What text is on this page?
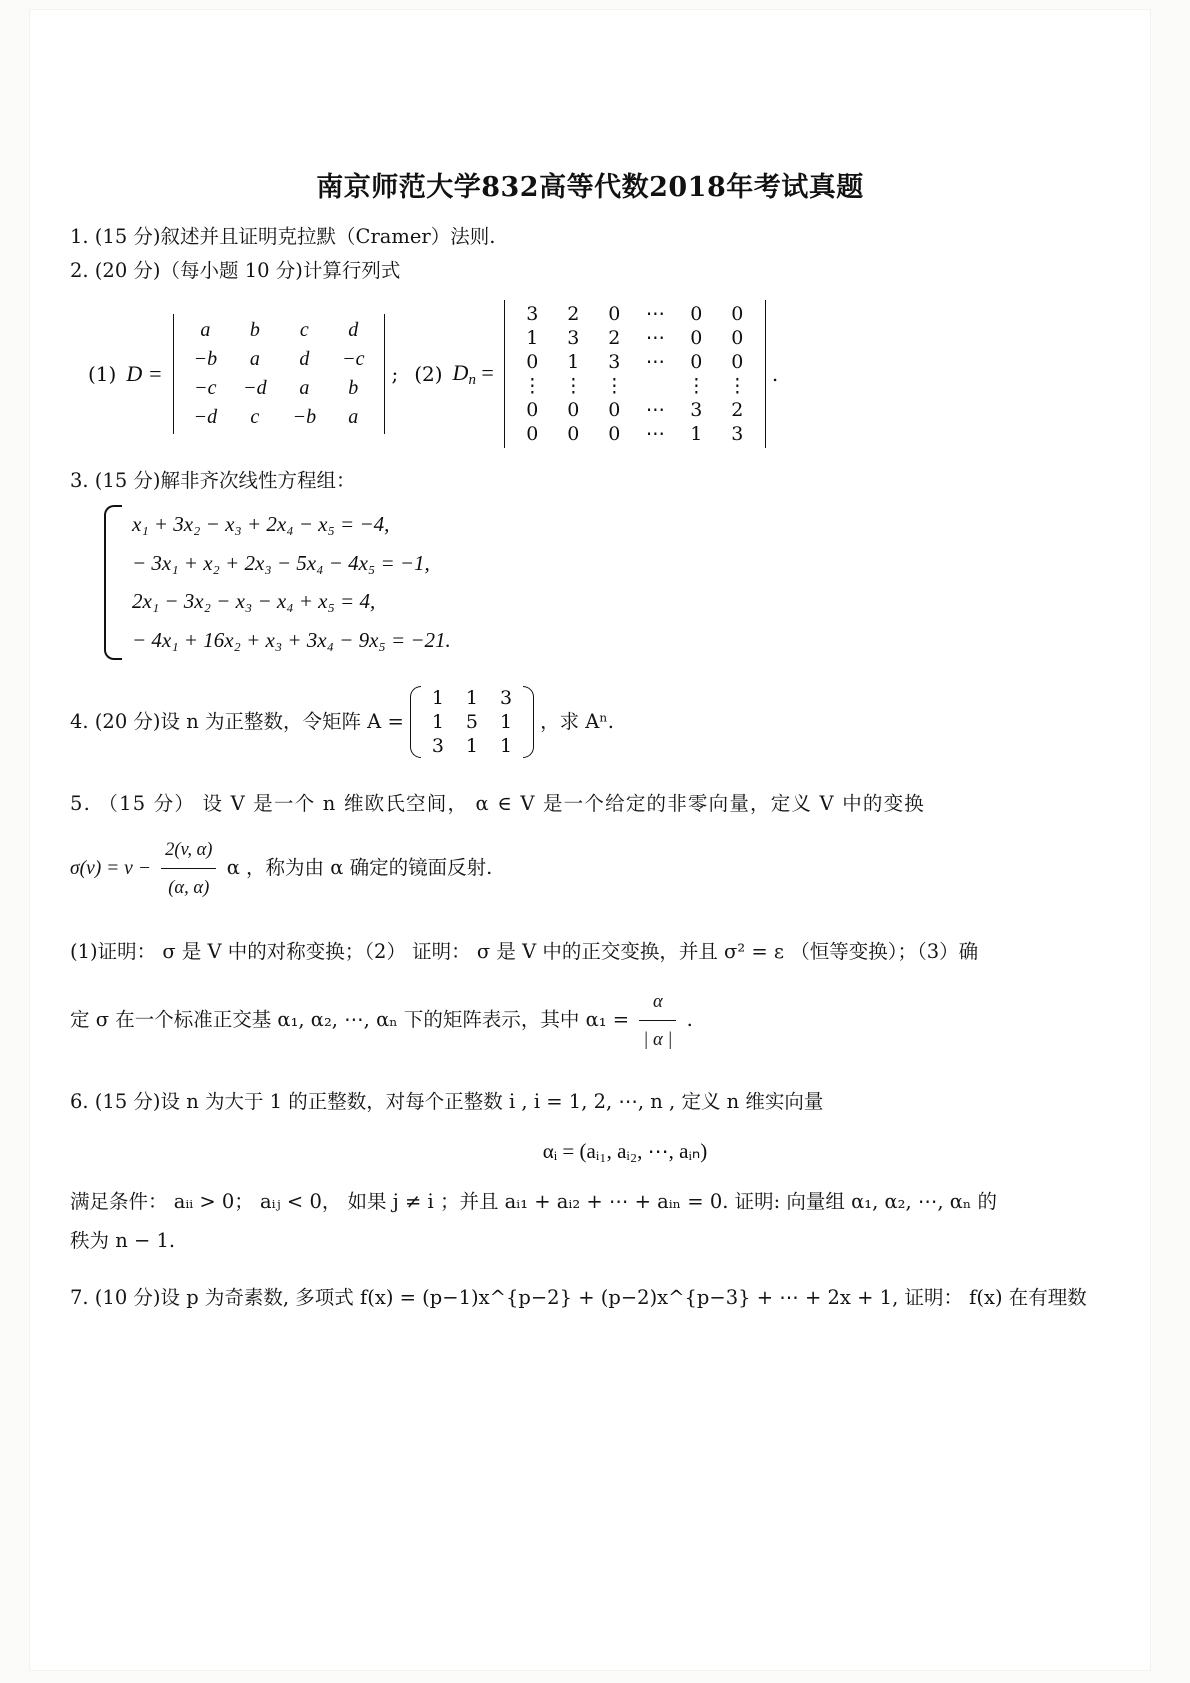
南京师范大学832高等代数2018年考试真题
1. (15 分)叙述并且证明克拉默（Cramer）法则.
2. (20 分)（每小题 10 分)计算行列式
(1) D =
a	b	c	d
−b	a	d	−c
−c	−d	a	b
−d	c	−b	a
; (2) $D_n$ =
3	2	0	⋯	0	0
1	3	2	⋯	0	0
0	1	3	⋯	0	0
⋮	⋮	⋮		⋮	⋮
0	0	0	⋯	3	2
0	0	0	⋯	1	3
.
3. (15 分)解非齐次线性方程组：
x₁ + 3x₂ − x₃ + 2x₄ − x₅ = −4,
− 3x₁ + x₂ + 2x₃ − 5x₄ − 4x₅ = −1,
2x₁ − 3x₂ − x₃ − x₄ + x₅ = 4,
− 4x₁ + 16x₂ + x₃ + 3x₄ − 9x₅ = −21.
4. (20 分)设 n 为正整数，令矩阵 A =
1	1	3
1	5	1
3	1	1
，求 Aⁿ.
5. （15 分） 设 V 是一个 n 维欧氏空间， α ∈ V 是一个给定的非零向量，定义 V 中的变换
$\sigma(v) = v - \frac{2(v, \alpha)}{(\alpha, \alpha)}$ α ，称为由 α 确定的镜面反射.
(1)证明： σ 是 V 中的对称变换；（2） 证明： σ 是 V 中的正交变换，并且 σ² = ε （恒等变换）；（3）确
定 σ 在一个标准正交基 α₁, α₂, ⋯, αₙ 下的矩阵表示，其中 $\alpha_1 = \frac{\alpha}{| \alpha |}$ .
6. (15 分)设 n 为大于 1 的正整数，对每个正整数 i , i = 1, 2, ⋯, n , 定义 n 维实向量
αᵢ = (aᵢ₁, aᵢ₂, ⋯, aᵢₙ)
满足条件： aᵢᵢ > 0； aᵢⱼ < 0， 如果 j ≠ i ；并且 aᵢ₁ + aᵢ₂ + ⋯ + aᵢₙ = 0. 证明: 向量组 α₁, α₂, ⋯, αₙ 的
秩为 n − 1.
7. (10 分)设 p 为奇素数, 多项式 f(x) = (p−1)x^{p−2} + (p−2)x^{p−3} + ⋯ + 2x + 1, 证明： f(x) 在有理数
